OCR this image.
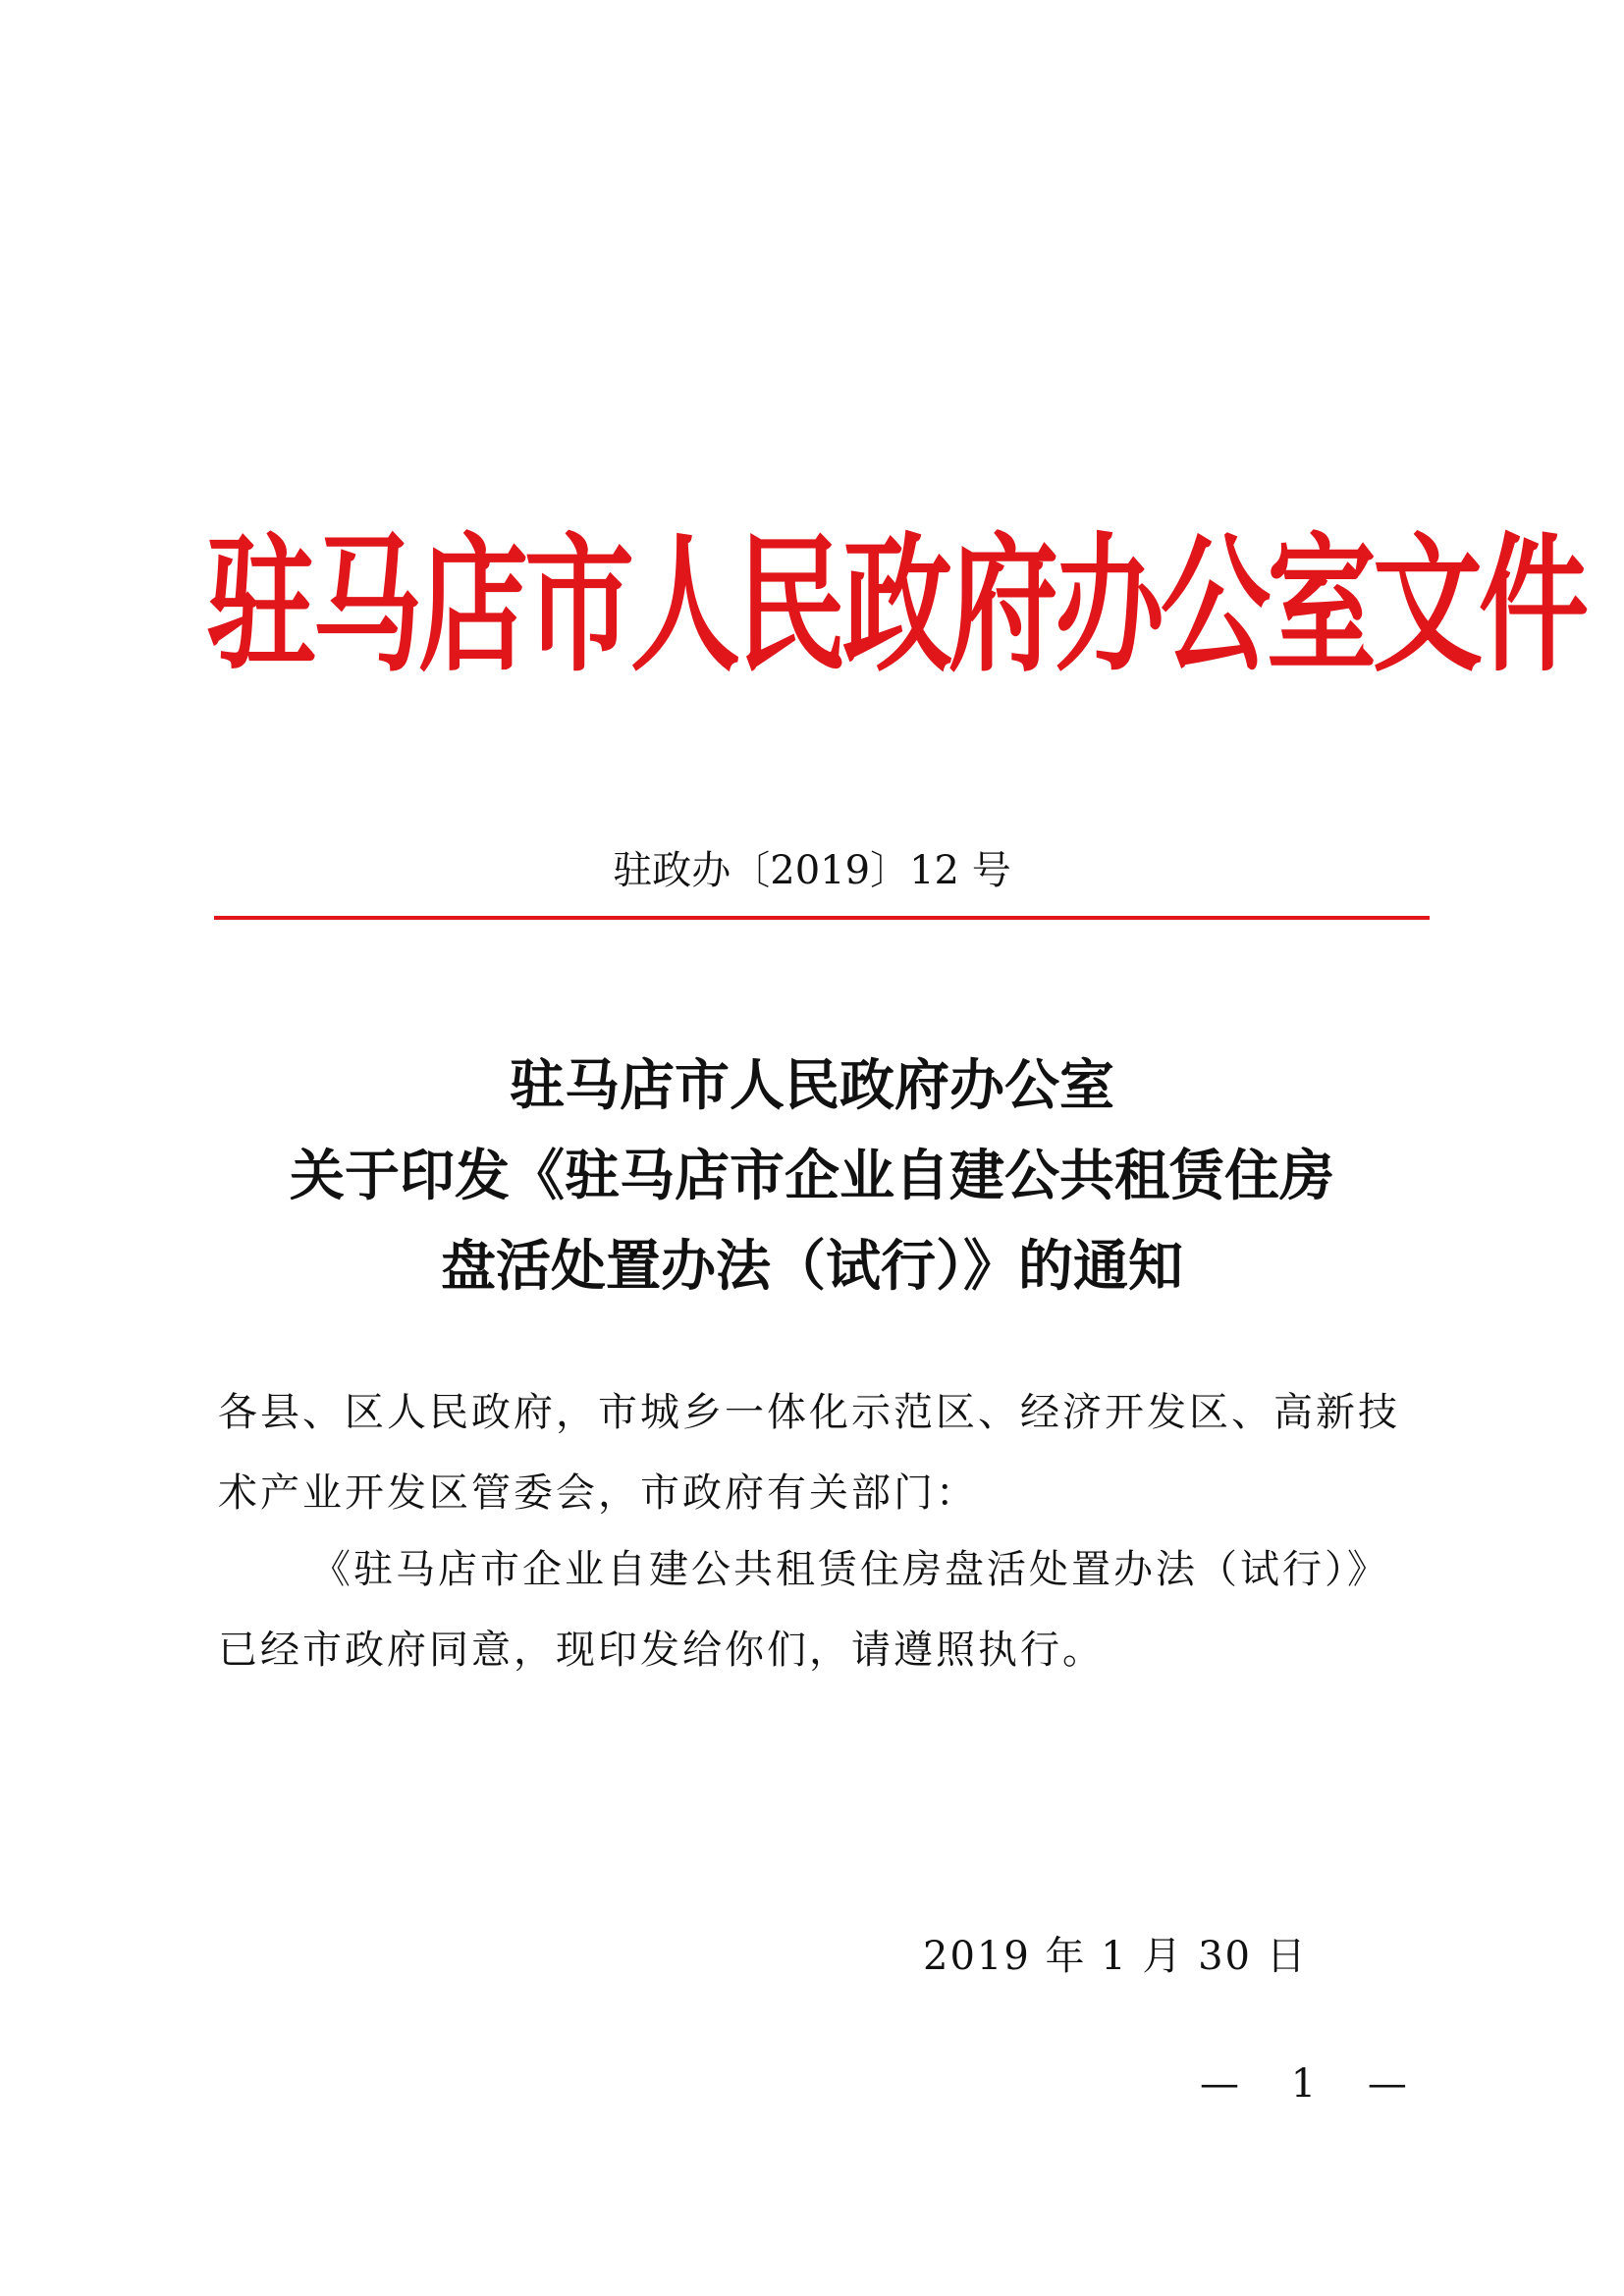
驻马店市人民政府办公室文件
驻政办〔2019〕12 号
驻马店市人民政府办公室
关于印发《驻马店市企业自建公共租赁住房
盘活处置办法（试行）》的通知
各县、区人民政府，市城乡一体化示范区、经济开发区、高新技
术产业开发区管委会，市政府有关部门：
《驻马店市企业自建公共租赁住房盘活处置办法（试行）》
已经市政府同意，现印发给你们，请遵照执行。
2019 年 1 月 30 日
— 1 —
